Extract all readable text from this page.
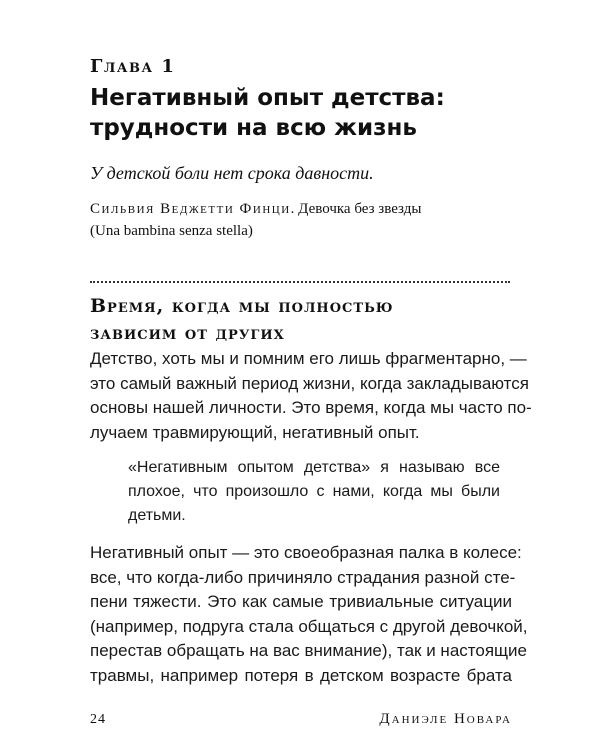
Глава 1
Негативный опыт детства:
трудности на всю жизнь
У детской боли нет срока давности.
Сильвия Веджетти Финци. Девочка без звезды
(Una bambina senza stella)
Время, когда мы полностью
зависим от других
Детство, хоть мы и помним его лишь фрагментарно, —
это самый важный период жизни, когда закладываются
основы нашей личности. Это время, когда мы часто по-
лучаем травмирующий, негативный опыт.
«Негативным опытом детства» я называю все
плохое, что произошло с нами, когда мы были
детьми.
Негативный опыт — это своеобразная палка в колесе:
все, что когда-либо причиняло страдания разной сте-
пени тяжести. Это как самые тривиальные ситуации
(например, подруга стала общаться с другой девочкой,
перестав обращать на вас внимание), так и настоящие
травмы, например потеря в детском возрасте брата
24	Даниэле Новара
